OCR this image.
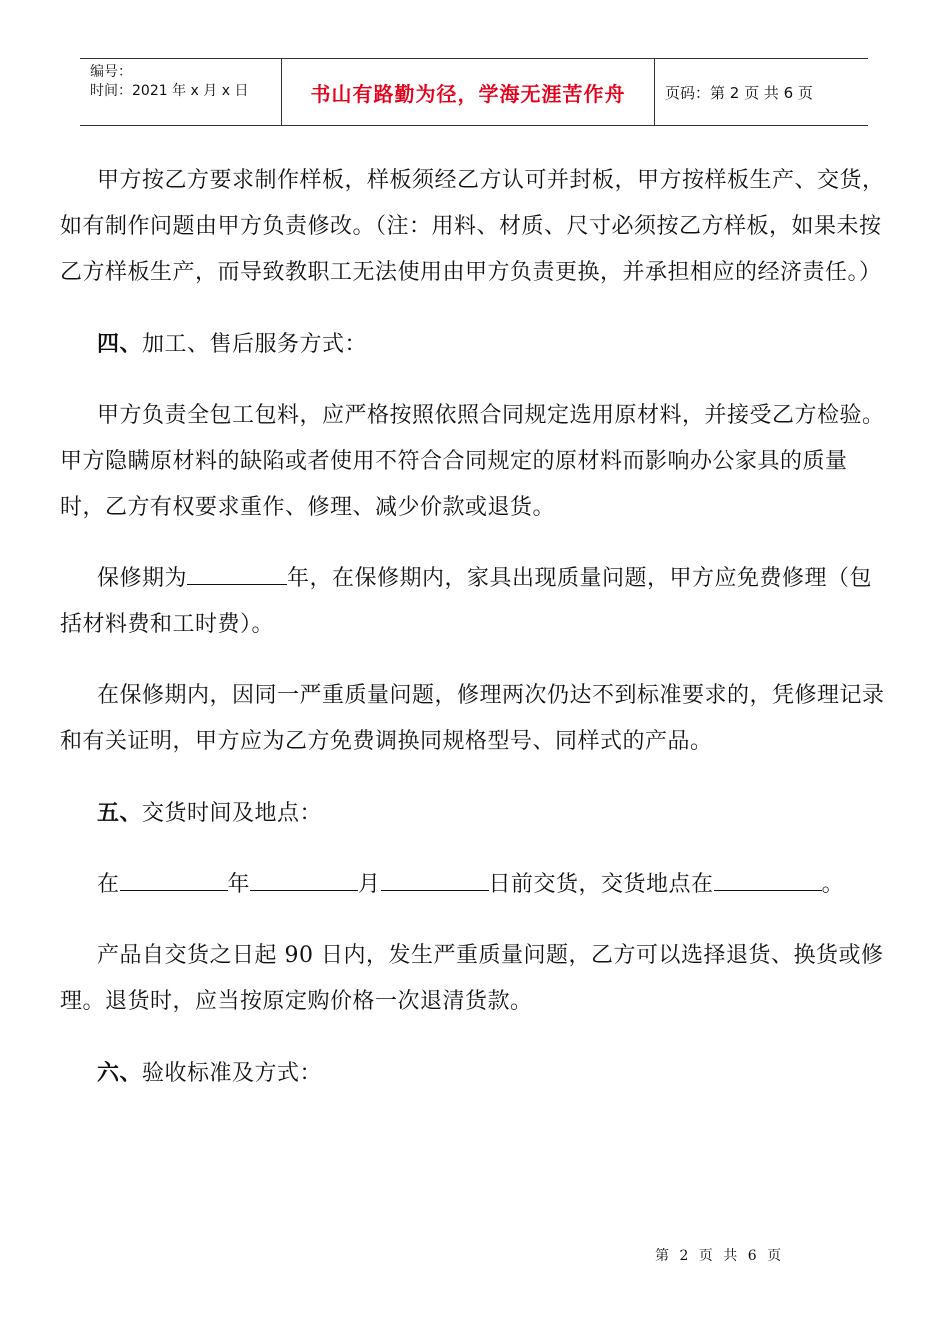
编号：
时间：2021 年 x 月 x 日	书山有路勤为径，学海无涯苦作舟	页码：第 2 页 共 6 页

甲方按乙方要求制作样板，样板须经乙方认可并封板，甲方按样板生产、交货，如有制作问题由甲方负责修改。（注：用料、材质、尺寸必须按乙方样板，如果未按乙方样板生产，而导致教职工无法使用由甲方负责更换，并承担相应的经济责任。）

四、加工、售后服务方式：

甲方负责全包工包料，应严格按照依照合同规定选用原材料，并接受乙方检验。甲方隐瞒原材料的缺陷或者使用不符合合同规定的原材料而影响办公家具的质量时，乙方有权要求重作、修理、减少价款或退货。

保修期为	年，在保修期内，家具出现质量问题，甲方应免费修理（包括材料费和工时费）。

在保修期内，因同一严重质量问题，修理两次仍达不到标准要求的，凭修理记录和有关证明，甲方应为乙方免费调换同规格型号、同样式的产品。

五、交货时间及地点：

在	年	月	日前交货，交货地点在	。

产品自交货之日起 90 日内，发生严重质量问题，乙方可以选择退货、换货或修理。退货时，应当按原定购价格一次退清货款。

六、验收标准及方式：

第 2 页 共 6 页
